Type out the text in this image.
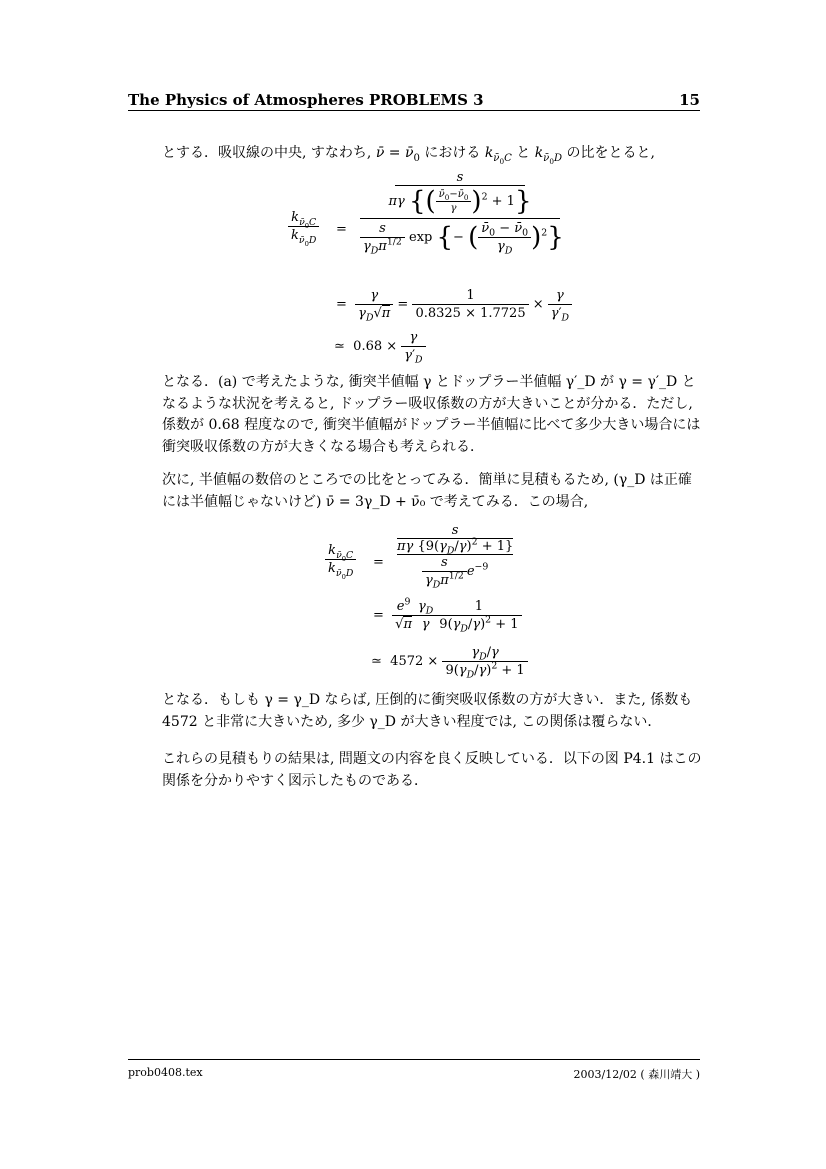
The Physics of Atmospheres PROBLEMS 3	15
とする．吸収線の中央, すなわち, ν̄ = $\nū_0$ における $k_{\nū_0C}$ と $k_{\nū_0D}$ の比をとると,
$\frac{k_{\nū_0C}}{k_{\nū_0D}}$ =
s
πγ {( $\frac{\nū_0-\nū_0}{\gamma} )^2 + 1$}
$\frac{s}{\gamma_D\pi^{1/2}}$ exp {− ( $\frac{\nū_0 - \nū_0}{\gamma_D} )^2$}
= $\frac{\gamma}{\gamma_D√\pi} = \frac{1}{0.8325 \times 1.7725} \times \frac{\gamma}{\gamma'_D}$
≃  $0.68 \times \frac{\gamma}{\gamma'_D}$
となる．(a) で考えたような, 衝突半値幅 γ とドップラー半値幅 γ′_D が γ = γ′_D となるような状況を考えると, ドップラー吸収係数の方が大きいことが分かる．ただし, 係数が 0.68 程度なので, 衝突半値幅がドップラー半値幅に比べて多少大きい場合には衝突吸収係数の方が大きくなる場合も考えられる．
次に, 半値幅の数倍のところでの比をとってみる．簡単に見積もるため, (γ_D は正確には半値幅じゃないけど) ν̄ = 3γ_D + ν̄₀ で考えてみる．この場合,
$\frac{k_{\nū_0C}}{k_{\nū_0D}}$ =
s
πγ $\{9(\gamma_D/\gamma)^2 + 1\}$
$\frac{s}{\gamma_D\pi^{1/2}} e^{-9}$
= $\frac{e^9}{√\pi} \frac{\gamma_D}{\gamma} \frac{1}{9(\gamma_D/\gamma)^2 + 1}$
≃  $4572 \times \frac{\gamma_D/\gamma}{9(\gamma_D/\gamma)^2 + 1}$
となる．もしも γ = γ_D ならば, 圧倒的に衝突吸収係数の方が大きい．また, 係数も 4572 と非常に大きいため, 多少 γ_D が大きい程度では, この関係は覆らない．
これらの見積もりの結果は, 問題文の内容を良く反映している．以下の図 P4.1 はこの関係を分かりやすく図示したものである．
prob0408.tex	2003/12/02 ( 森川靖大 )
